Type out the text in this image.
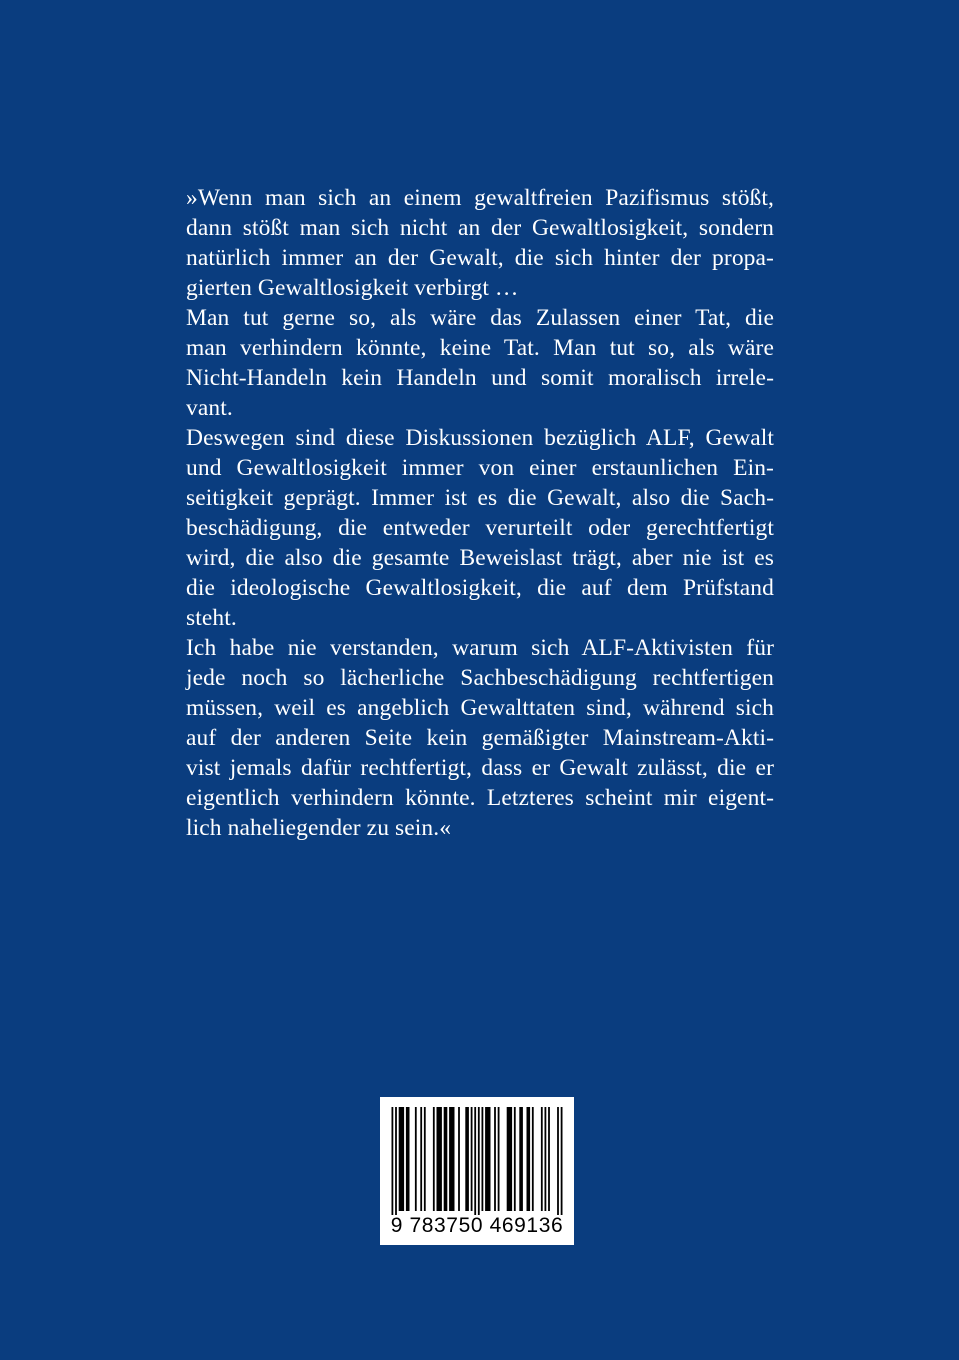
»Wenn man sich an einem gewaltfreien Pazifismus stößt,
dann stößt man sich nicht an der Gewaltlosigkeit, sondern
natürlich immer an der Gewalt, die sich hinter der propa-
gierten Gewaltlosigkeit verbirgt …
Man tut gerne so, als wäre das Zulassen einer Tat, die
man verhindern könnte, keine Tat. Man tut so, als wäre
Nicht-Handeln kein Handeln und somit moralisch irrele-
vant.
Deswegen sind diese Diskussionen bezüglich ALF, Gewalt
und Gewaltlosigkeit immer von einer erstaunlichen Ein-
seitigkeit geprägt. Immer ist es die Gewalt, also die Sach-
beschädigung, die entweder verurteilt oder gerechtfertigt
wird, die also die gesamte Beweislast trägt, aber nie ist es
die ideologische Gewaltlosigkeit, die auf dem Prüfstand
steht.
Ich habe nie verstanden, warum sich ALF-Aktivisten für
jede noch so lächerliche Sachbeschädigung rechtfertigen
müssen, weil es angeblich Gewalttaten sind, während sich
auf der anderen Seite kein gemäßigter Mainstream-Akti-
vist jemals dafür rechtfertigt, dass er Gewalt zulässt, die er
eigentlich verhindern könnte. Letzteres scheint mir eigent-
lich naheliegender zu sein.«
9 783750 469136
